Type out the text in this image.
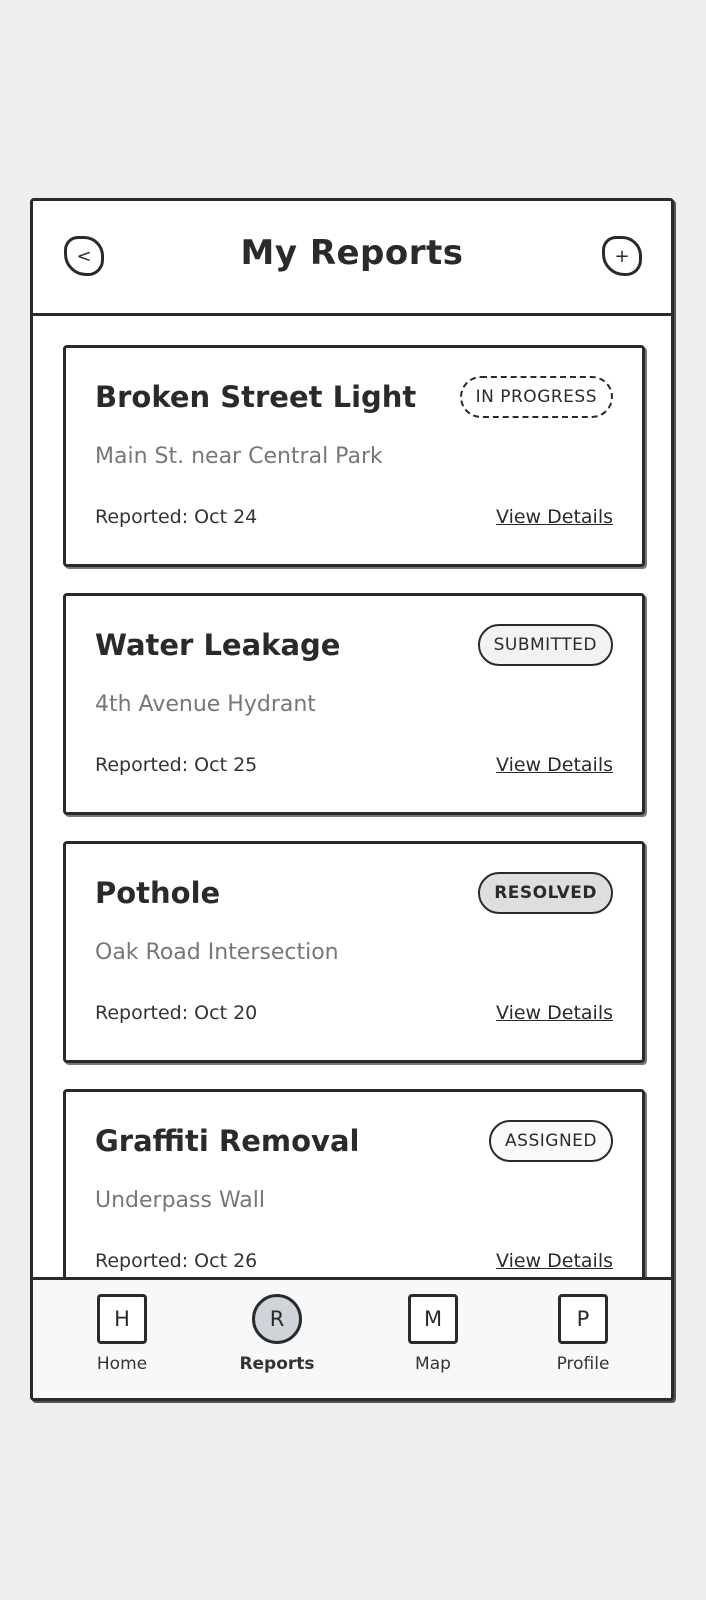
<	My Reports	+
Broken Street Light	IN PROGRESS
Main St. near Central Park
Reported: Oct 24	View Details
Water Leakage	SUBMITTED
4th Avenue Hydrant
Reported: Oct 25	View Details
Pothole	RESOLVED
Oak Road Intersection
Reported: Oct 20	View Details
Graffiti Removal	ASSIGNED
Underpass Wall
Reported: Oct 26	View Details
H
Home
R
Reports
M
Map
P
Profile
